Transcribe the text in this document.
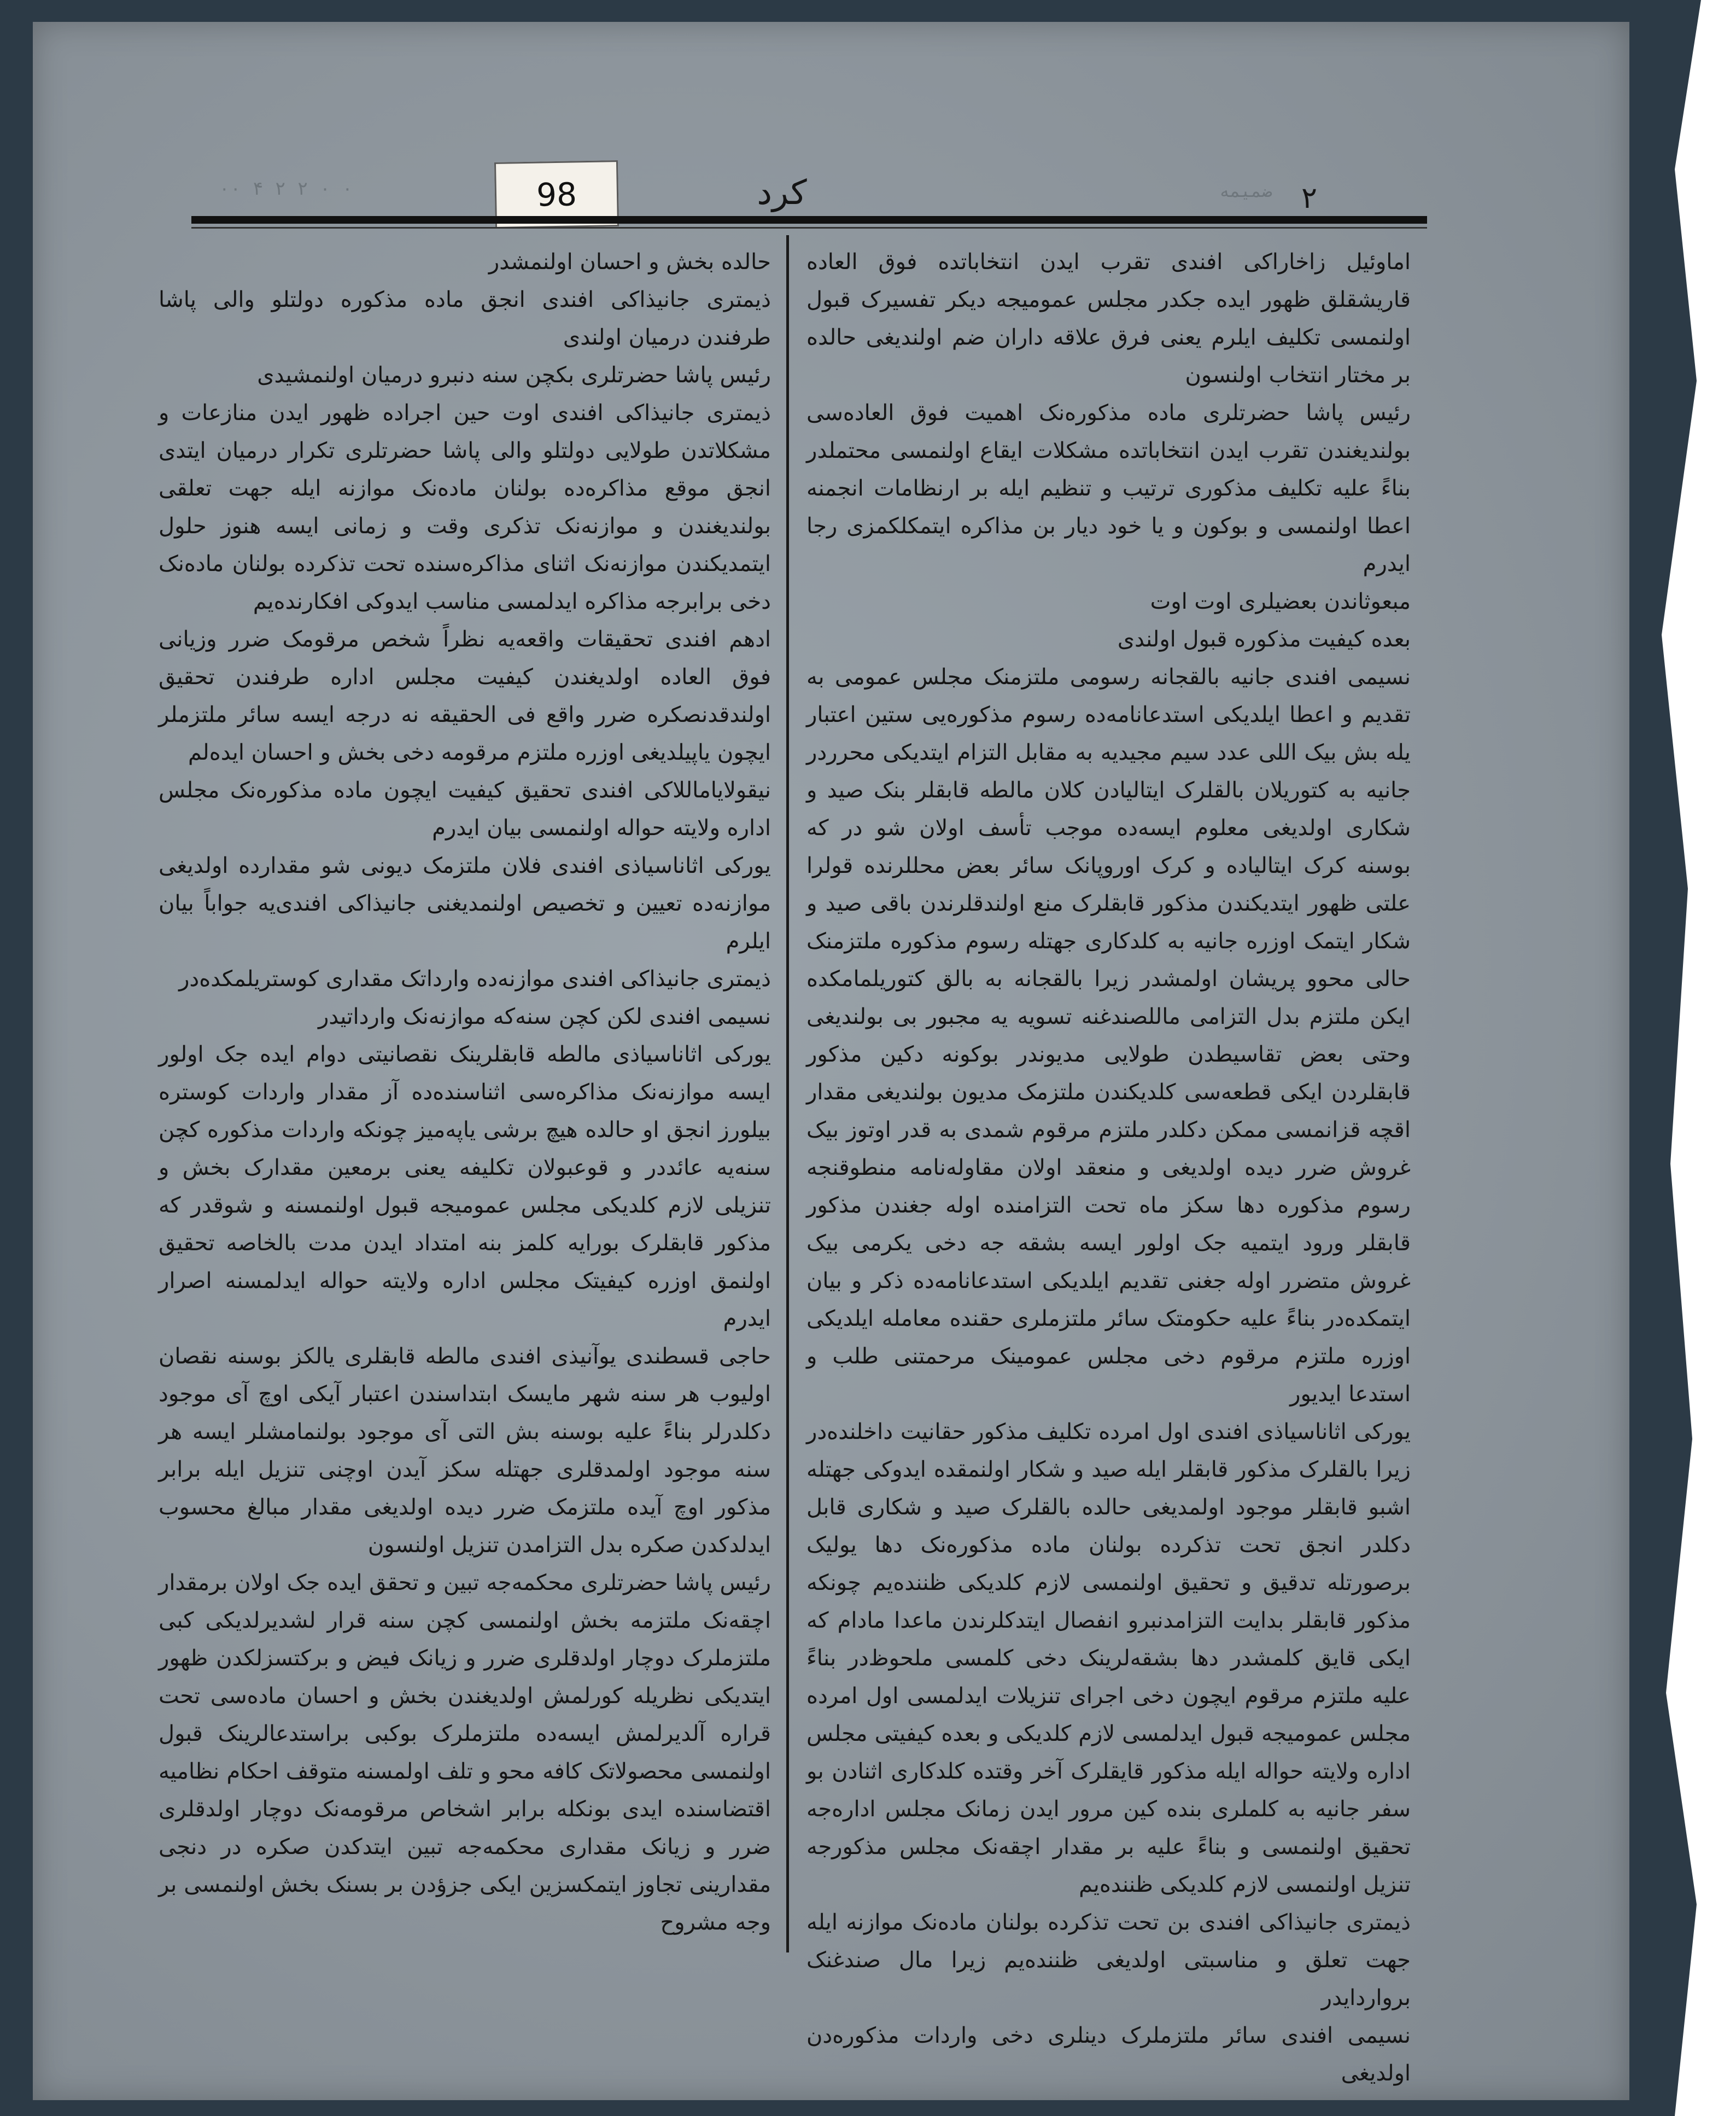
۰۰ ۴ ۲ ۲ ۰ ۰	ضمیمه
98	کرد	۲

اماو‌ئیل زاخاراکی افندی تقرب ایدن انتخاباتده فوق العاده قاریشقلق ظهور ایده جکدر مجلس عمومیجه دیکر تفسیرک قبول اولنمسی تکلیف ایلرم یعنی فرق علاقه داران ضم اولندیغی حالده بر مختار انتخاب اولنسون

رئیس پاشا حضرتلری ماده مذکوره‌نک اهمیت فوق العاده‌سی بولندیغندن تقرب ایدن انتخاباتده مشکلات ایقاع اولنمسی محتملدر بناءً علیه تکلیف مذکوری ترتیب و تنظیم ایله بر ارنظامات انجمنه اعطا اولنمسی و بوکون و یا خود دیار بن مذاکره ایتمکلکمزی رجا ایدرم

مبعوثاندن بعضیلری اوت اوت

بعده کیفیت مذکوره قبول اولندی

نسیمی افندی جانیه بالقجانه رسومی ملتزمنک مجلس عمومی به تقدیم و اعطا ایلدیکی استدعانامه‌ده رسوم مذکوره‌یی ستین اعتبار یله بش بیک اللی عدد سیم مجیدیه به مقابل التزام ایتدیکی محرردر جانیه به کتوریلان بالقلرک ایتالیادن کلان مالطه قابقلر بنک صید و شکاری اولدیغی معلوم ایسه‌ده موجب تأسف اولان شو در که بوسنه کرک ایتالیاده و کرک اوروپانک سائر بعض محللرنده قولرا علتی ظهور ایتدیکندن مذکور قابقلرک منع اولندقلرندن باقی صید و شکار ایتمک اوزره جانیه به کلدکاری جهتله رسوم مذکوره ملتزمنک حالی محوو پریشان اولمشدر زیرا بالقجانه به بالق کتوریلمامکده ایکن ملتزم بدل التزامی ماللصندغنه تسویه یه مجبور بی بولندیغی وحتی بعض تقاسیطدن طولایی مدیوندر بوکونه دکین مذکور قابقلردن ایکی قطعه‌سی کلدیکندن ملتزمک مدیون بولندیغی مقدار اقچه قزانمسی ممکن دکلدر ملتزم مرقوم شمدی به قدر اوتوز بیک غروش ضرر دیده اولدیغی و منعقد اولان مقاوله‌نامه منطوقنجه رسوم مذکوره دها سکز ماه تحت التزامنده اوله جغندن مذکور قابقلر ورود ایتمیه جک اولور ایسه بشقه جه دخی یکرمی بیک غروش متضرر اوله جغنی تقدیم ایلدیکی استدعانامه‌ده ذکر و بیان ایتمکده‌در بناءً علیه حکومتک سائر ملتزملری حقنده معامله ایلدیکی اوزره ملتزم مرقوم دخی مجلس عمومینک مرحمتنی طلب و استدعا ایدیور

یورکی اثاناسیاذی افندی اول امرده تکلیف مذکور حقانیت داخلنده‌در زیرا بالقلرک مذکور قابقلر ایله صید و شکار اولنمقده ایدوکی جهتله اشبو قابقلر موجود اولمدیغی حالده بالقلرک صید و شکاری قابل دکلدر انجق تحت تذکرده بولنان ماده مذکوره‌نک دها یولیک برصورتله تدقیق و تحقیق اولنمسی لازم کلدیکی ظننده‌یم چونکه مذکور قابقلر بدایت التزامدنبرو انفصال ایتدکلرندن ماعدا مادام که ایکی قایق کلمشدر دها بشقه‌لرینک دخی کلمسی ملحوظ‌در بناءً علیه ملتزم مرقوم ایچون دخی اجرای تنزیلات ایدلمسی اول امرده مجلس عمومیجه قبول ایدلمسی لازم کلدیکی و بعده کیفیتی مجلس اداره ولایته حواله ایله مذکور قایقلرک آخر وقتده کلدکاری اثنادن بو سفر جانیه به کلملری بنده کین مرور ایدن زمانک مجلس اداره‌جه تحقیق اولنمسی و بناءً علیه بر مقدار اچقه‌نک مجلس مذکورجه تنزیل اولنمسی لازم کلدیکی ظننده‌یم

ذیمتری جانیذاکی افندی بن تحت تذکرده بولنان ماده‌نک موازنه ایله جهت تعلق و مناسبتی اولدیغی ظننده‌یم زیرا مال صندغنک برواردایدر

نسیمی افندی سائر ملتزملرک دینلری دخی واردات مذکوره‌دن اولدیغی

حالده بخش و احسان اولنمشدر

ذیمتری جانیذاکی افندی انجق ماده مذکوره دولتلو والی پاشا طرفندن درمیان اولندی

رئیس پاشا حضرتلری بکچن سنه دنبرو درمیان اولنمشیدی

ذیمتری جانیذاکی افندی اوت حین اجراده ظهور ایدن منازعات و مشکلاتدن طولایی دولتلو والی پاشا حضرتلری تکرار درمیان ایتدی انجق موقع مذاکره‌ده بولنان ماده‌نک موازنه ایله جهت تعلقی بولندیغندن و موازنه‌نک تذکری وقت و زمانی ایسه هنوز حلول ایتمدیکندن موازنه‌نک اثنای مذاکره‌سنده تحت تذکرده بولنان ماده‌نک دخی برابرجه مذاکره ایدلمسی مناسب ایدوکی افکارنده‌یم

ادهم افندی تحقیقات واقعه‌یه نظراً شخص مرقومک ضرر وزیانی فوق العاده اولدیغندن کیفیت مجلس اداره طرفندن تحقیق اولندقدنصکره ضرر واقع فی الحقیقه نه درجه ایسه سائر ملتزملر ایچون یاپیلدیغی اوزره ملتزم مرقومه دخی بخش و احسان ایده‌لم

نیقولایاماللاکی افندی تحقیق کیفیت ایچون ماده مذکوره‌نک مجلس اداره ولایته حواله اولنمسی بیان ایدرم

یورکی اثاناسیاذی افندی فلان ملتزمک دیونی شو مقدارده اولدیغی موازنه‌ده تعیین و تخصیص اولنمدیغنی جانیذاکی افندی‌یه جواباً بیان ایلرم

ذیمتری جانیذاکی افندی موازنه‌ده وارداتک مقداری کوستریلمکده‌در

نسیمی افندی لکن کچن سنه‌که موازنه‌نک وارداتیدر

یورکی اثاناسیاذی مالطه قابقلرینک نقصانیتی دوام ایده جک اولور ایسه موازنه‌نک مذاکره‌سی اثناسنده‌ده آز مقدار واردات کوستره بیلورز انجق او حالده هیچ برشی یاپه‌میز چونکه واردات مذکوره کچن سنه‌یه عائددر و قوعبولان تکلیفه یعنی برمعین مقدارک بخش و تنزیلی لازم کلدیکی مجلس عمومیجه قبول اولنمسنه و شوقدر که مذکور قابقلرک بورایه کلمز بنه امتداد ایدن مدت بالخاصه تحقیق اولنمق اوزره کیفیتک مجلس اداره ولایته حواله ایدلمسنه اصرار ایدرم

حاجی قسطندی یوآنیذی افندی مالطه قابقلری یالکز بوسنه نقصان اولیوب هر سنه شهر مایسک ابتداسندن اعتبار آیکی اوچ آی موجود دکلدرلر بناءً علیه بوسنه بش التی آی موجود بولنمامشلر ایسه هر سنه موجود اولمدقلری جهتله سکز آیدن اوچنی تنزیل ایله برابر مذکور اوچ آیده ملتزمک ضرر دیده اولدیغی مقدار مبالغ محسوب ایدلدکدن صکره بدل التزامدن تنزیل اولنسون

رئیس پاشا حضرتلری محکمه‌جه تبین و تحقق ایده جک اولان برمقدار اچقه‌نک ملتزمه بخش اولنمسی کچن سنه قرار لشدیرلدیکی کبی ملتزملرک دوچار اولدقلری ضرر و زیانک فیض و برکتسزلکدن ظهور ایتدیکی نظریله کورلمش اولدیغندن بخش و احسان ماده‌سی تحت قراره آلدیرلمش ایسه‌ده ملتزملرک بوکبی براستدعالرینک قبول اولنمسی محصولاتک کافه محو و تلف اولمسنه متوقف احکام نظامیه اقتضاسنده ایدی بونکله برابر اشخاص مرقومه‌نک دوچار اولدقلری ضرر و زیانک مقداری محکمه‌جه تبین ایتدکدن صکره در دنجی مقدارینی تجاوز ایتمکسزین ایکی جزؤدن بر بسنک بخش اولنمسی بر وجه مشروح
